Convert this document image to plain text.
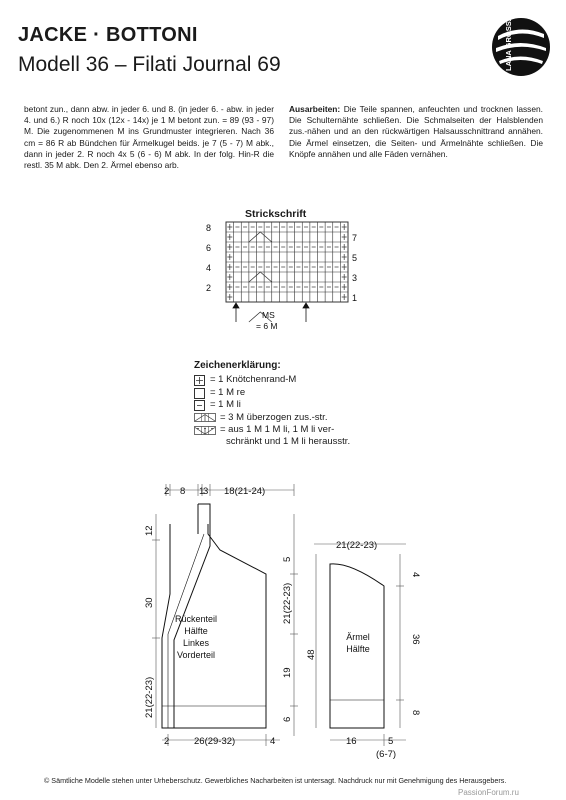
JACKE · BOTTONI
Modell 36 – Filati Journal 69	LANA GROSSA
betont zun., dann abw. in jeder 6. und 8. (in jeder 6. - abw. in jeder 4. und 6.) R noch 10x (12x - 14x) je 1 M betont zun. = 89 (93 - 97) M. Die zugenommenen M ins Grundmuster integrieren. Nach 36 cm = 86 R ab Bündchen für Ärmelkugel beids. je 7 (5 - 7) M abk., dann in jeder 2. R noch 4x 5 (6 - 6) M abk. In der folg. Hin-R die restl. 35 M abk. Den 2. Ärmel ebenso arb.
Ausarbeiten: Die Teile spannen, anfeuchten und trocknen lassen. Die Schulternähte schließen. Die Schmalseiten der Halsblenden zus.-nähen und an den rückwärtigen Halsausschnittrand annähen. Die Ärmel einsetzen, die Seiten- und Ärmelnähte schließen. Die Knöpfe annähen und alle Fäden vernähen.
Strickschrift
8
6
4
2
7
5
3
1
MS
= 6 M
Zeichenerklärung:
= 1 Knötchenrand-M
= 1 M re
= 1 M li
= 3 M überzogen zus.-str.
= aus 1 M 1 M li, 1 M li ver-
schränkt und 1 M li herausstr.
2 8 1
3 18(21-24)
12
30
21(22-23)
Rückenteil
Hälfte
Linkes
Vorderteil
5
21(22-23)
19
6
2	26(29-32)	4
21(22-23)
48
Ärmel
Hälfte
4
36
8
16	5
(6-7)
© Sämtliche Modelle stehen unter Urheberschutz. Gewerbliches Nacharbeiten ist untersagt. Nachdruck nur mit Genehmigung des Herausgebers.
PassionForum.ru
